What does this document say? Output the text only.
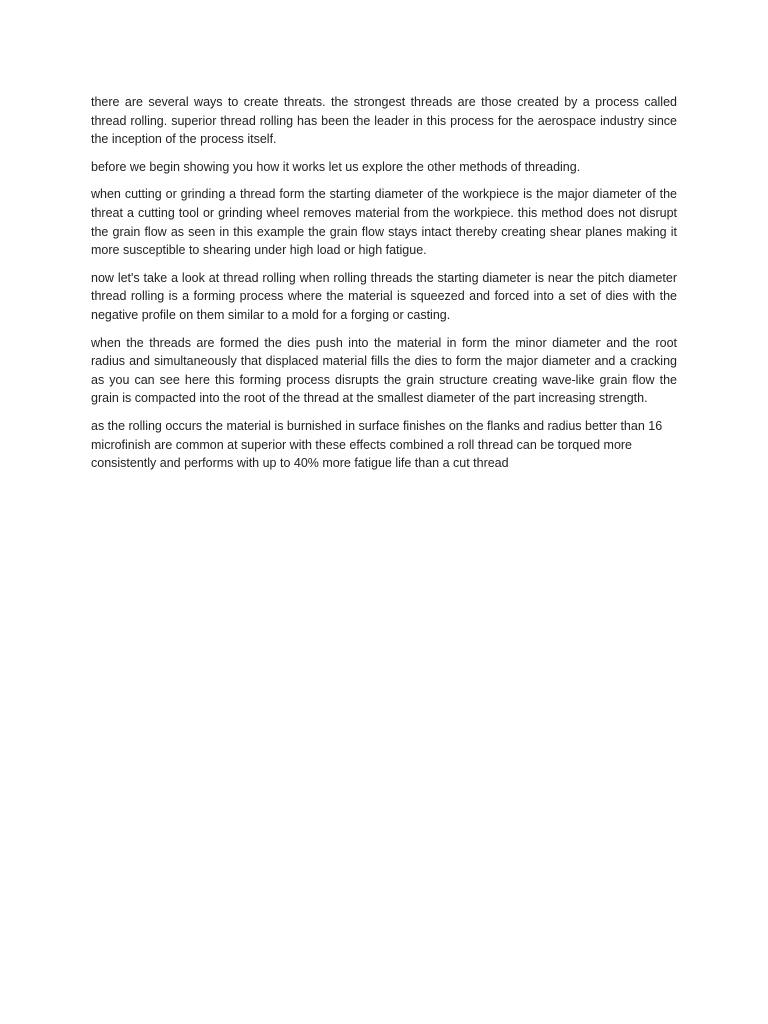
there are several ways to create threats. the strongest threads are those created by a process called thread rolling. superior thread rolling has been the leader in this process for the aerospace industry since the inception of the process itself.

before we begin showing you how it works let us explore the other methods of threading.

when cutting or grinding a thread form the starting diameter of the workpiece is the major diameter of the threat a cutting tool or grinding wheel removes material from the workpiece. this method does not disrupt the grain flow as seen in this example the grain flow stays intact thereby creating shear planes making it more susceptible to shearing under high load or high fatigue.

now let's take a look at thread rolling when rolling threads the starting diameter is near the pitch diameter thread rolling is a forming process where the material is squeezed and forced into a set of dies with the negative profile on them similar to a mold for a forging or casting.

when the threads are formed the dies push into the material in form the minor diameter and the root radius and simultaneously that displaced material fills the dies to form the major diameter and a cracking as you can see here this forming process disrupts the grain structure creating wave-like grain flow the grain is compacted into the root of the thread at the smallest diameter of the part increasing strength.

as the rolling occurs the material is burnished in surface finishes on the flanks and radius better than 16 microfinish are common at superior with these effects combined a roll thread can be torqued more consistently and performs with up to 40% more fatigue life than a cut thread
